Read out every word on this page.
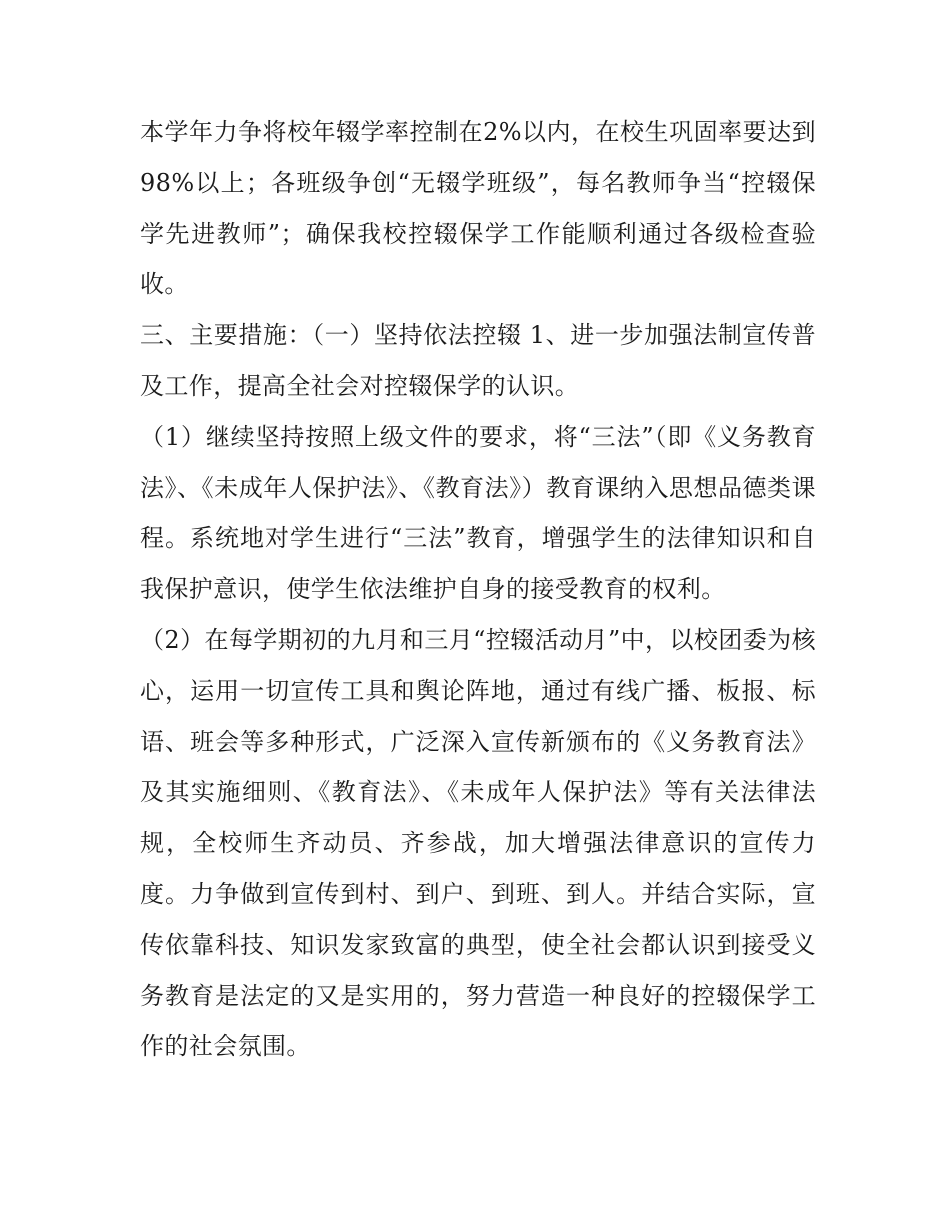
本学年力争将校年辍学率控制在2%以内，在校生巩固率要达到98%以上；各班级争创“无辍学班级”，每名教师争当“控辍保学先进教师”；确保我校控辍保学工作能顺利通过各级检查验收。

三、主要措施：（一）坚持依法控辍 1、进一步加强法制宣传普及工作，提高全社会对控辍保学的认识。

（1）继续坚持按照上级文件的要求，将“三法”（即《义务教育法》、《未成年人保护法》、《教育法》）教育课纳入思想品德类课程。系统地对学生进行“三法”教育，增强学生的法律知识和自我保护意识，使学生依法维护自身的接受教育的权利。

（2）在每学期初的九月和三月“控辍活动月”中，以校团委为核心，运用一切宣传工具和舆论阵地，通过有线广播、板报、标语、班会等多种形式，广泛深入宣传新颁布的《义务教育法》及其实施细则、《教育法》、《未成年人保护法》等有关法律法规，全校师生齐动员、齐参战，加大增强法律意识的宣传力度。力争做到宣传到村、到户、到班、到人。并结合实际，宣传依靠科技、知识发家致富的典型，使全社会都认识到接受义务教育是法定的又是实用的，努力营造一种良好的控辍保学工作的社会氛围。
